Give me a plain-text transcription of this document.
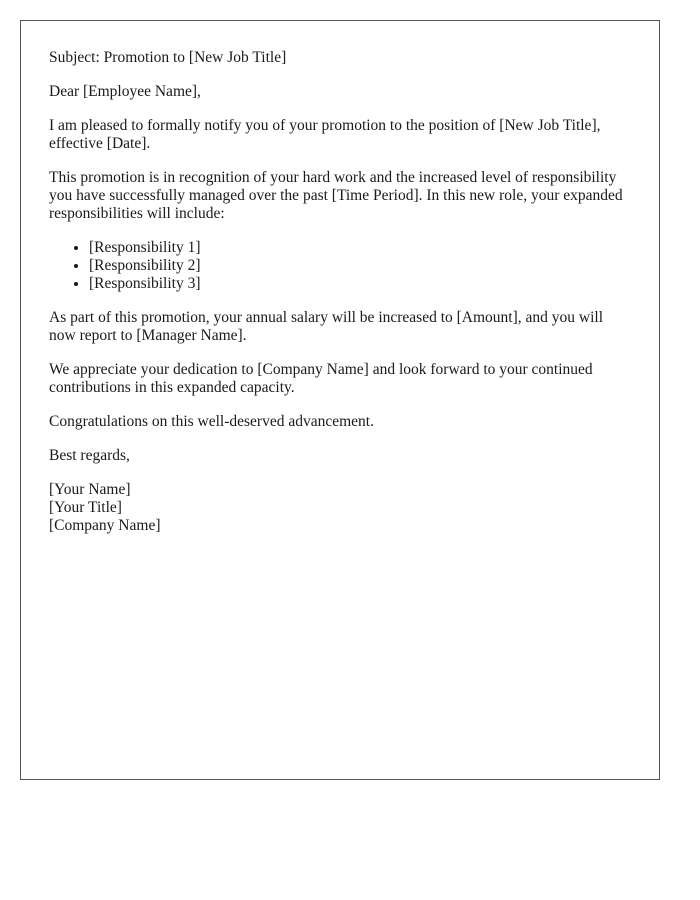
Subject: Promotion to [New Job Title]

Dear [Employee Name],

I am pleased to formally notify you of your promotion to the position of [New Job Title], effective [Date].

This promotion is in recognition of your hard work and the increased level of responsibility you have successfully managed over the past [Time Period]. In this new role, your expanded responsibilities will include:

• [Responsibility 1]
• [Responsibility 2]
• [Responsibility 3]

As part of this promotion, your annual salary will be increased to [Amount], and you will now report to [Manager Name].

We appreciate your dedication to [Company Name] and look forward to your continued contributions in this expanded capacity.

Congratulations on this well-deserved advancement.

Best regards,

[Your Name]

[Your Title]

[Company Name]
